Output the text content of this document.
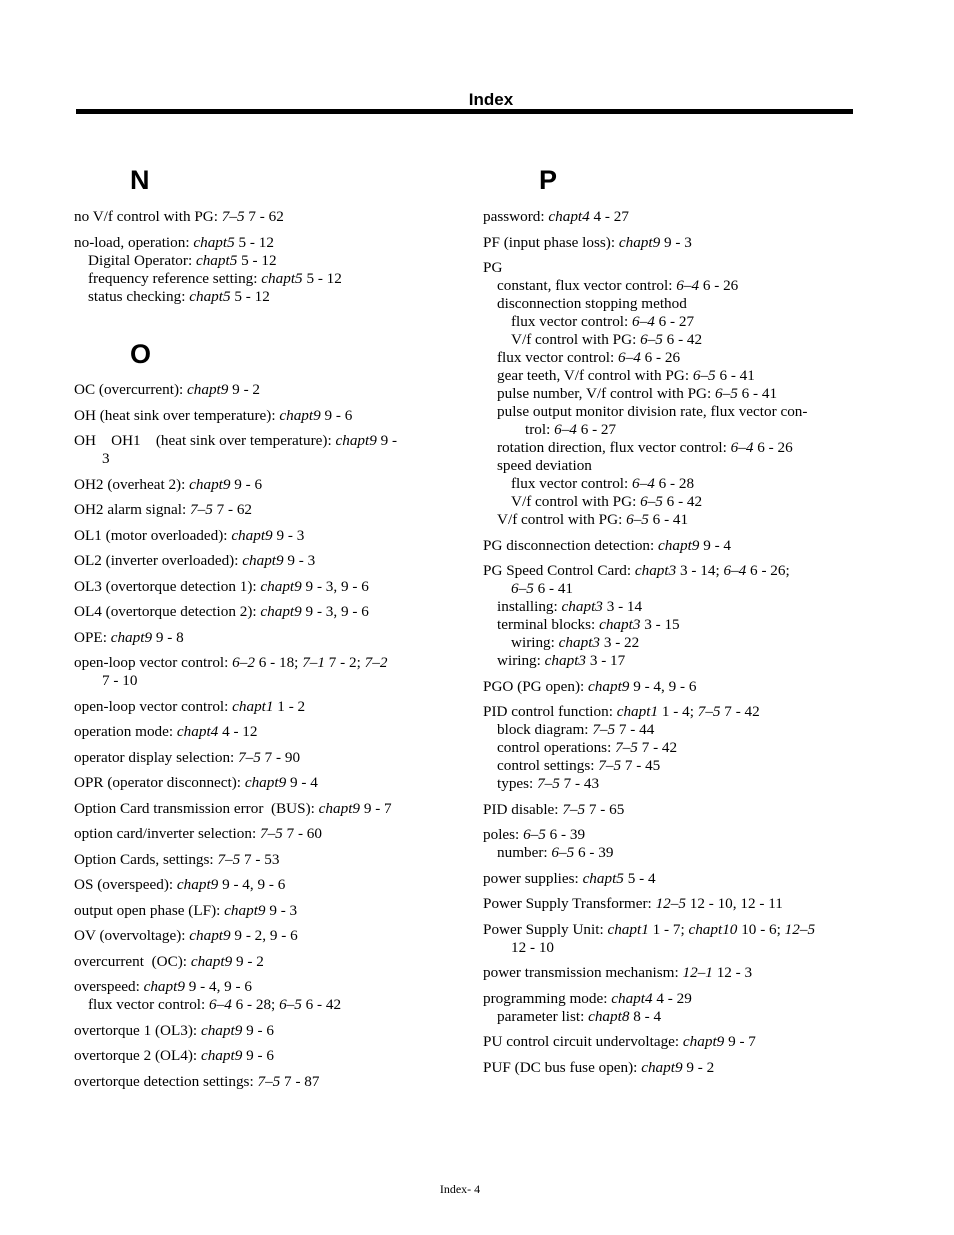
Index
N
no V/f control with PG: 7–5 7 - 62
no-load, operation: chapt5 5 - 12
Digital Operator: chapt5 5 - 12
frequency reference setting: chapt5 5 - 12
status checking: chapt5 5 - 12
O
OC (overcurrent): chapt9 9 - 2
OH (heat sink over temperature): chapt9 9 - 6
OH    OH1    (heat sink over temperature): chapt9 9 -
3
OH2 (overheat 2): chapt9 9 - 6
OH2 alarm signal: 7–5 7 - 62
OL1 (motor overloaded): chapt9 9 - 3
OL2 (inverter overloaded): chapt9 9 - 3
OL3 (overtorque detection 1): chapt9 9 - 3, 9 - 6
OL4 (overtorque detection 2): chapt9 9 - 3, 9 - 6
OPE: chapt9 9 - 8
open-loop vector control: 6–2 6 - 18; 7–1 7 - 2; 7–2
7 - 10
open-loop vector control: chapt1 1 - 2
operation mode: chapt4 4 - 12
operator display selection: 7–5 7 - 90
OPR (operator disconnect): chapt9 9 - 4
Option Card transmission error  (BUS): chapt9 9 - 7
option card/inverter selection: 7–5 7 - 60
Option Cards, settings: 7–5 7 - 53
OS (overspeed): chapt9 9 - 4, 9 - 6
output open phase (LF): chapt9 9 - 3
OV (overvoltage): chapt9 9 - 2, 9 - 6
overcurrent  (OC): chapt9 9 - 2
overspeed: chapt9 9 - 4, 9 - 6
flux vector control: 6–4 6 - 28; 6–5 6 - 42
overtorque 1 (OL3): chapt9 9 - 6
overtorque 2 (OL4): chapt9 9 - 6
overtorque detection settings: 7–5 7 - 87
P
password: chapt4 4 - 27
PF (input phase loss): chapt9 9 - 3
PG
constant, flux vector control: 6–4 6 - 26
disconnection stopping method
flux vector control: 6–4 6 - 27
V/f control with PG: 6–5 6 - 42
flux vector control: 6–4 6 - 26
gear teeth, V/f control with PG: 6–5 6 - 41
pulse number, V/f control with PG: 6–5 6 - 41
pulse output monitor division rate, flux vector con-
trol: 6–4 6 - 27
rotation direction, flux vector control: 6–4 6 - 26
speed deviation
flux vector control: 6–4 6 - 28
V/f control with PG: 6–5 6 - 42
V/f control with PG: 6–5 6 - 41
PG disconnection detection: chapt9 9 - 4
PG Speed Control Card: chapt3 3 - 14; 6–4 6 - 26;
6–5 6 - 41
installing: chapt3 3 - 14
terminal blocks: chapt3 3 - 15
wiring: chapt3 3 - 22
wiring: chapt3 3 - 17
PGO (PG open): chapt9 9 - 4, 9 - 6
PID control function: chapt1 1 - 4; 7–5 7 - 42
block diagram: 7–5 7 - 44
control operations: 7–5 7 - 42
control settings: 7–5 7 - 45
types: 7–5 7 - 43
PID disable: 7–5 7 - 65
poles: 6–5 6 - 39
number: 6–5 6 - 39
power supplies: chapt5 5 - 4
Power Supply Transformer: 12–5 12 - 10, 12 - 11
Power Supply Unit: chapt1 1 - 7; chapt10 10 - 6; 12–5
12 - 10
power transmission mechanism: 12–1 12 - 3
programming mode: chapt4 4 - 29
parameter list: chapt8 8 - 4
PU control circuit undervoltage: chapt9 9 - 7
PUF (DC bus fuse open): chapt9 9 - 2
Index- 4
